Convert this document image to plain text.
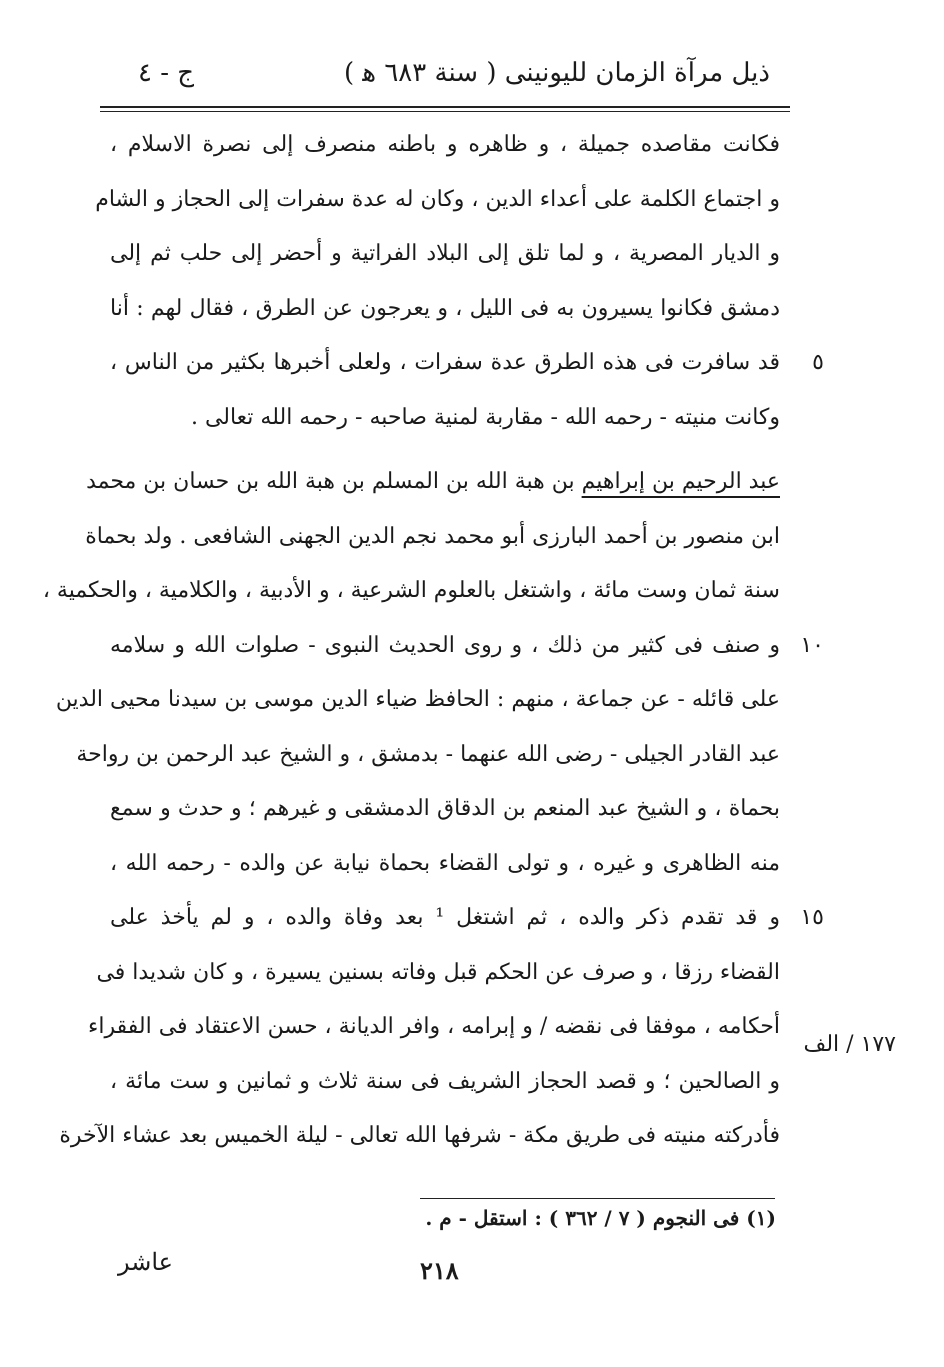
ذيل مرآة الزمان لليونينى ( سنة ٦٨٣ ﻫ )
ج - ٤
فكانت مقاصده جميلة ، و ظاهره و باطنه منصرف إلى نصرة الاسلام ،
و اجتماع الكلمة على أعداء الدين ، وكان له عدة سفرات إلى الحجاز و الشام
و الديار المصرية ، و لما تلق إلى البلاد الفراتية و أحضر إلى حلب ثم إلى
دمشق فكانوا يسيرون به فى الليل ، و يعرجون عن الطرق ، فقال لهم : أنا
قد سافرت فى هذه الطرق عدة سفرات ، ولعلى أخبرها بكثير من الناس ، ٥
وكانت منيته - رحمه الله - مقاربة لمنية صاحبه - رحمه الله تعالى .
عبد الرحيم بن إبراهيم بن هبة الله بن المسلم بن هبة الله بن حسان بن محمد
ابن منصور بن أحمد البارزى أبو محمد نجم الدين الجهنى الشافعى . ولد بحماة
سنة ثمان وست مائة ، واشتغل بالعلوم الشرعية ، و الأدبية ، والكلامية ، والحكمية ،
و صنف فى كثير من ذلك ، و روى الحديث النبوى - صلوات الله و سلامه ١٠
على قائله - عن جماعة ، منهم : الحافظ ضياء الدين موسى بن سيدنا محيى الدين
عبد القادر الجيلى - رضى الله عنهما - بدمشق ، و الشيخ عبد الرحمن بن رواحة
بحماة ، و الشيخ عبد المنعم بن الدقاق الدمشقى و غيرهم ؛ و حدث و سمع
منه الظاهرى و غيره ، و تولى القضاء بحماة نيابة عن والده - رحمه الله ،
و قد تقدم ذكر والده ، ثم اشتغل ¹ بعد وفاة والده ، و لم يأخذ على ١٥
القضاء رزقا ، و صرف عن الحكم قبل وفاته بسنين يسيرة ، و كان شديدا فى
أحكامه ، موفقا فى نقضه / و إبرامه ، وافر الديانة ، حسن الاعتقاد فى الفقراء
و الصالحين ؛ و قصد الحجاز الشريف فى سنة ثلاث و ثمانين و ست مائة ،
فأدركته منيته فى طريق مكة - شرفها الله تعالى - ليلة الخميس بعد عشاء الآخرة
١٧٧ / الف
(١) فى النجوم ( ٧ / ٣٦٢ ) : استقل - م .
٢١٨
عاشر
